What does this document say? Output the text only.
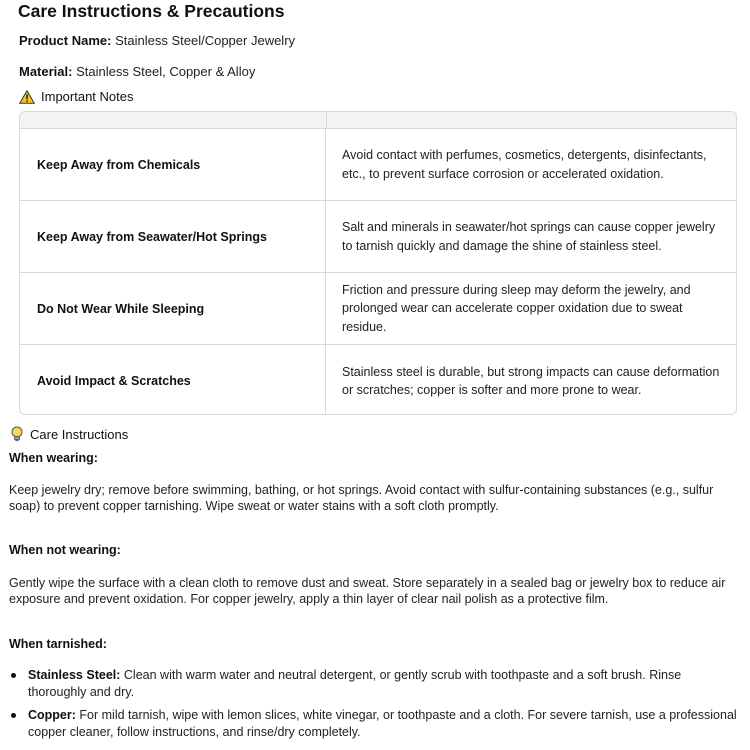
Care Instructions & Precautions
Product Name: Stainless Steel/Copper Jewelry
Material: Stainless Steel, Copper & Alloy
Important Notes
Keep Away from Chemicals
Avoid contact with perfumes, cosmetics, detergents, disinfectants, etc., to prevent surface corrosion or accelerated oxidation.
Keep Away from Seawater/Hot Springs
Salt and minerals in seawater/hot springs can cause copper jewelry to tarnish quickly and damage the shine of stainless steel.
Do Not Wear While Sleeping
Friction and pressure during sleep may deform the jewelry, and prolonged wear can accelerate copper oxidation due to sweat residue.
Avoid Impact & Scratches
Stainless steel is durable, but strong impacts can cause deformation or scratches; copper is softer and more prone to wear.
Care Instructions
When wearing:
Keep jewelry dry; remove before swimming, bathing, or hot springs. Avoid contact with sulfur-containing substances (e.g., sulfur soap) to prevent copper tarnishing. Wipe sweat or water stains with a soft cloth promptly.
When not wearing:
Gently wipe the surface with a clean cloth to remove dust and sweat. Store separately in a sealed bag or jewelry box to reduce air exposure and prevent oxidation. For copper jewelry, apply a thin layer of clear nail polish as a protective film.
When tarnished:
Stainless Steel: Clean with warm water and neutral detergent, or gently scrub with toothpaste and a soft brush. Rinse thoroughly and dry.
Copper: For mild tarnish, wipe with lemon slices, white vinegar, or toothpaste and a cloth. For severe tarnish, use a professional copper cleaner, follow instructions, and rinse/dry completely.
